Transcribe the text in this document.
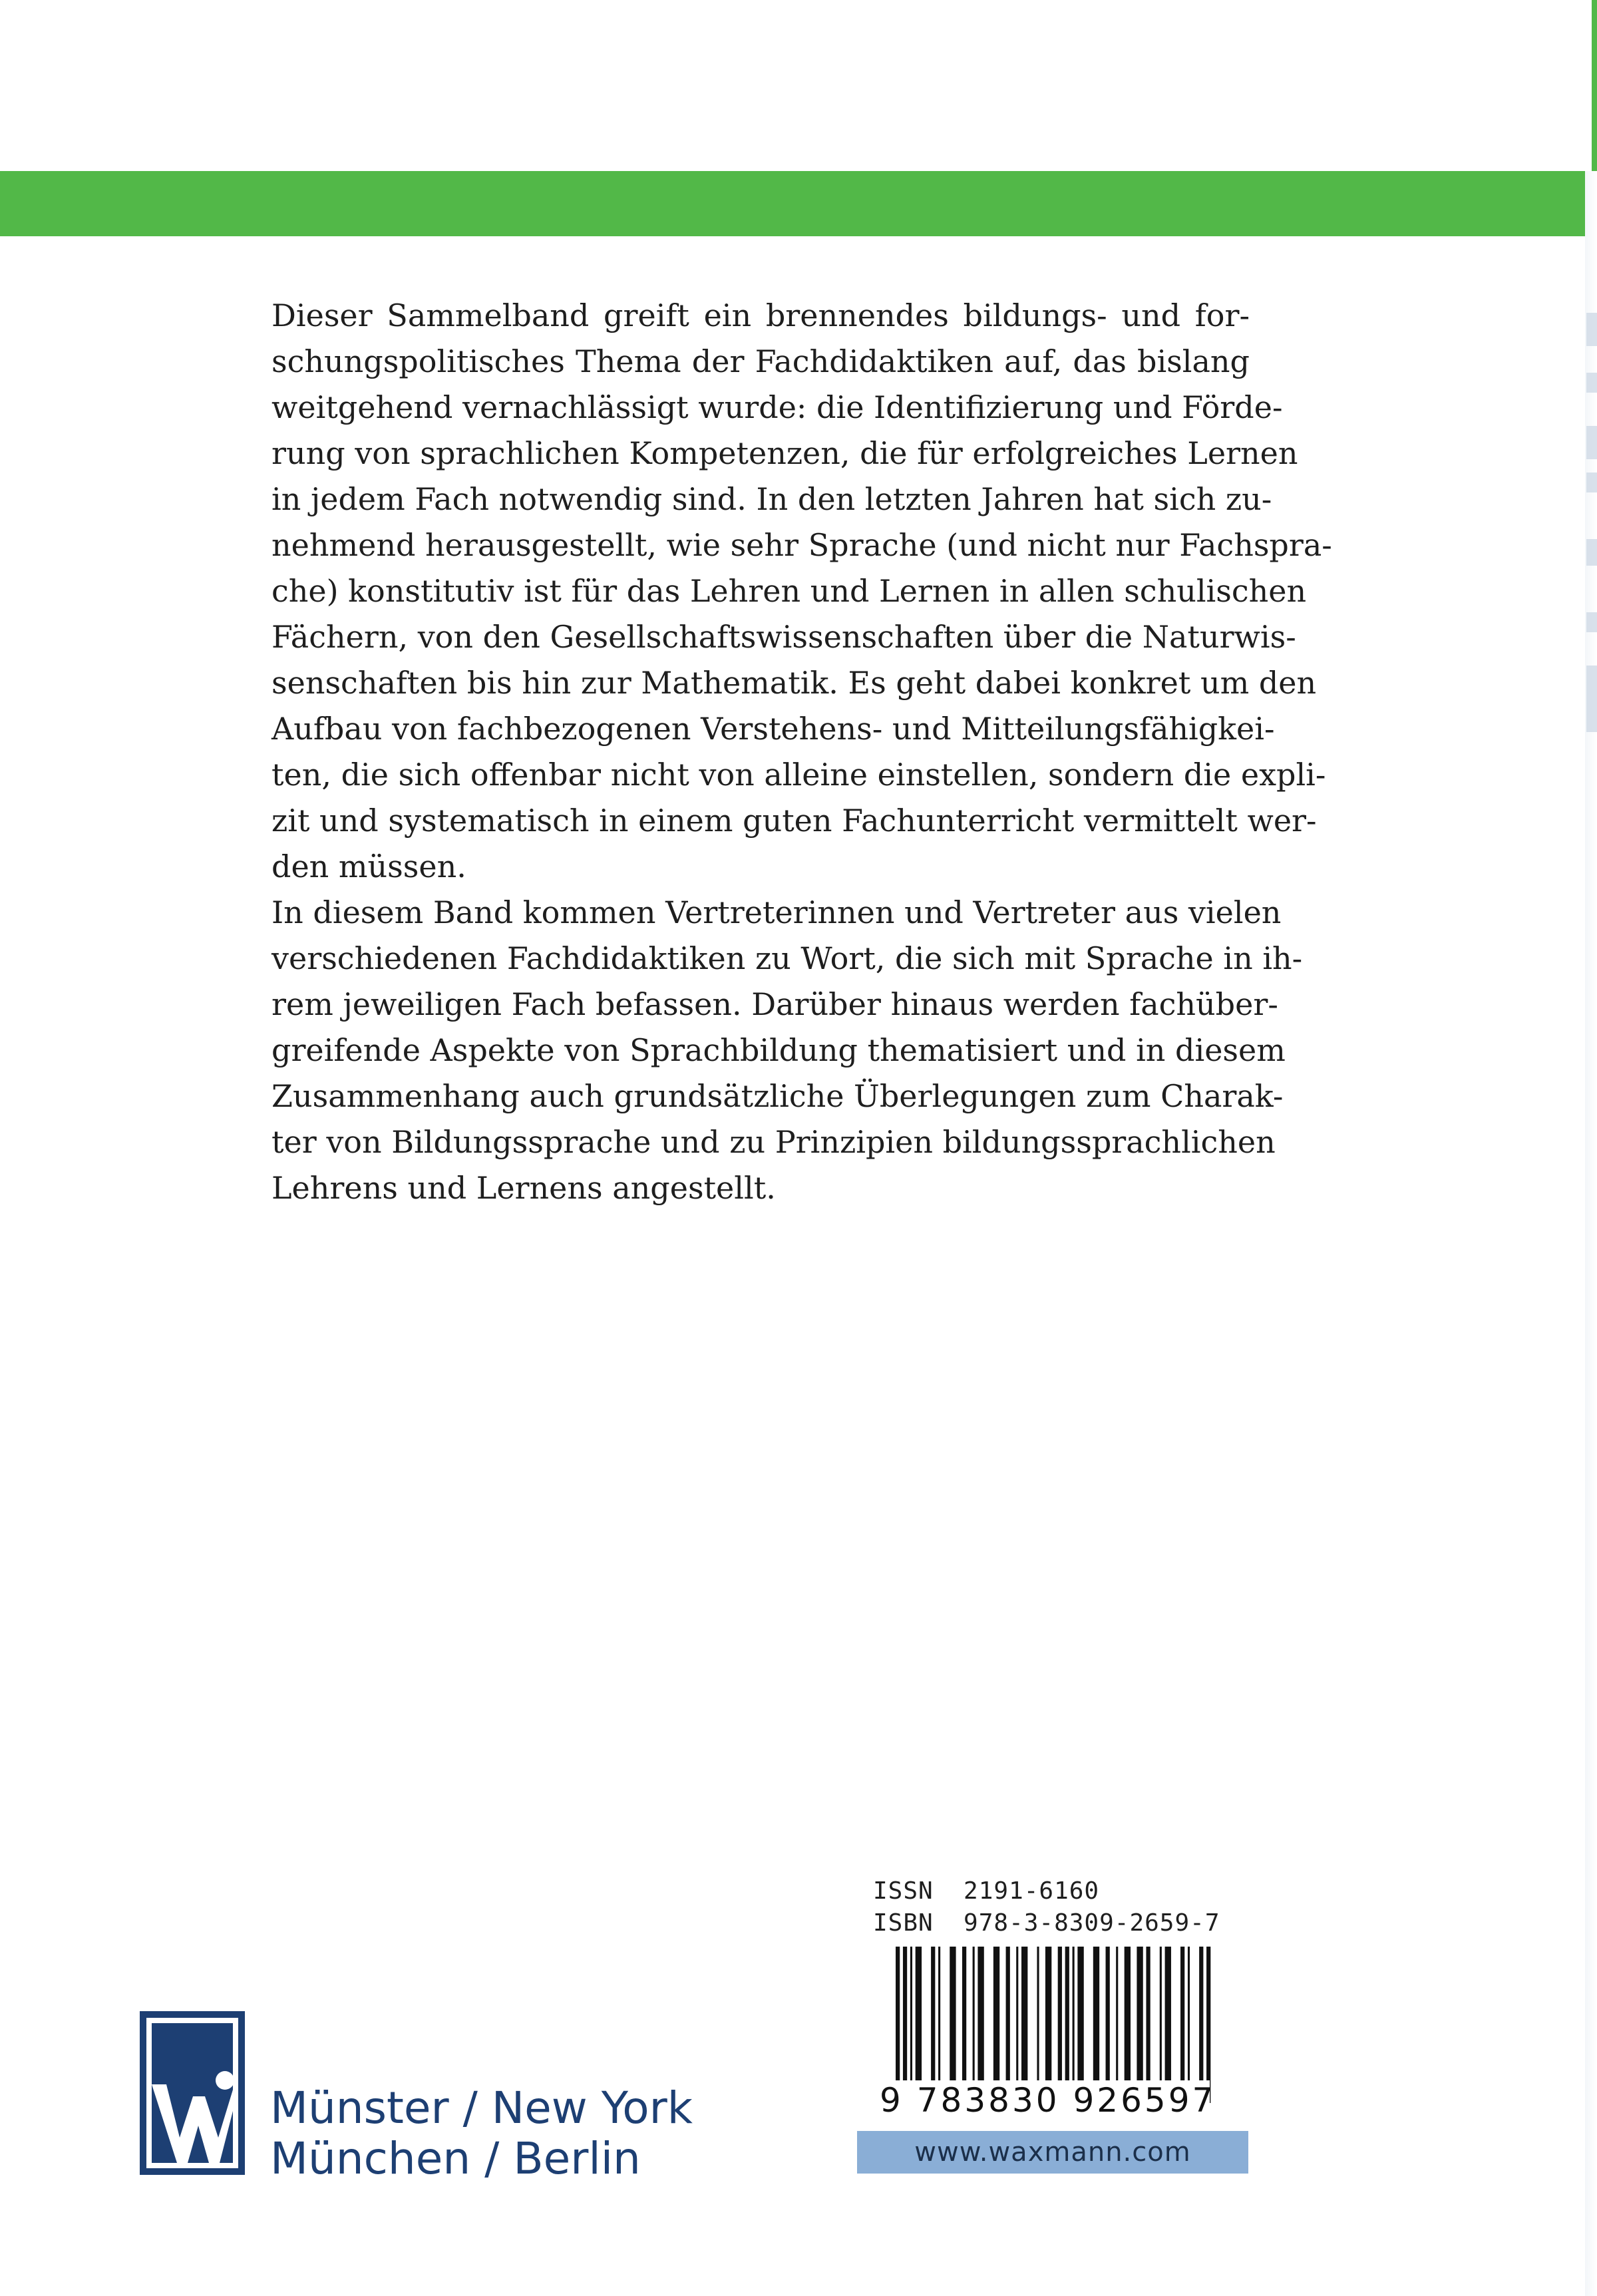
Dieser Sammelband greift ein brennendes bildungs- und for-
schungspolitisches Thema der Fachdidaktiken auf, das bislang
weitgehend vernachlässigt wurde: die Identifizierung und Förde-
rung von sprachlichen Kompetenzen, die für erfolgreiches Lernen
in jedem Fach notwendig sind. In den letzten Jahren hat sich zu-
nehmend herausgestellt, wie sehr Sprache (und nicht nur Fachspra-
che) konstitutiv ist für das Lehren und Lernen in allen schulischen
Fächern, von den Gesellschaftswissenschaften über die Naturwis-
senschaften bis hin zur Mathematik. Es geht dabei konkret um den
Aufbau von fachbezogenen Verstehens- und Mitteilungsfähigkei-
ten, die sich offenbar nicht von alleine einstellen, sondern die expli-
zit und systematisch in einem guten Fachunterricht vermittelt wer-
den müssen.
In diesem Band kommen Vertreterinnen und Vertreter aus vielen
verschiedenen Fachdidaktiken zu Wort, die sich mit Sprache in ih-
rem jeweiligen Fach befassen. Darüber hinaus werden fachüber-
greifende Aspekte von Sprachbildung thematisiert und in diesem
Zusammenhang auch grundsätzliche Überlegungen zum Charak-
ter von Bildungssprache und zu Prinzipien bildungssprachlichen
Lehrens und Lernens angestellt.
ISSN  2191-6160
ISBN  978-3-8309-2659-7
9 783830 926597
www.waxmann.com
Münster / New York
München / Berlin
